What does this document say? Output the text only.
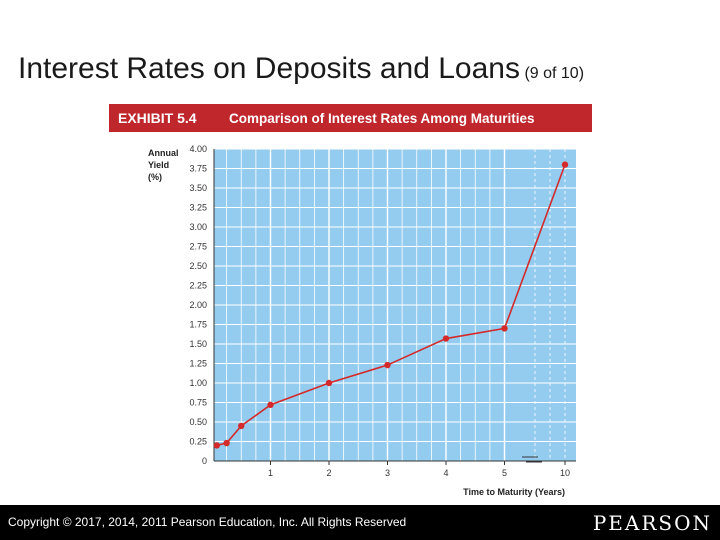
Interest Rates on Deposits and Loans (9 of 10)
EXHIBIT 5.4	Comparison of Interest Rates Among Maturities
Annual
Yield
(%)
Time to Maturity (Years)
0
0.25
0.50
0.75
1.00
1.25
1.50
1.75
2.00
2.25
2.50
2.75
3.00
3.25
3.50
3.75
4.00
1	2	3	4	5	10
Copyright © 2017, 2014, 2011 Pearson Education, Inc. All Rights Reserved	PEARSON
